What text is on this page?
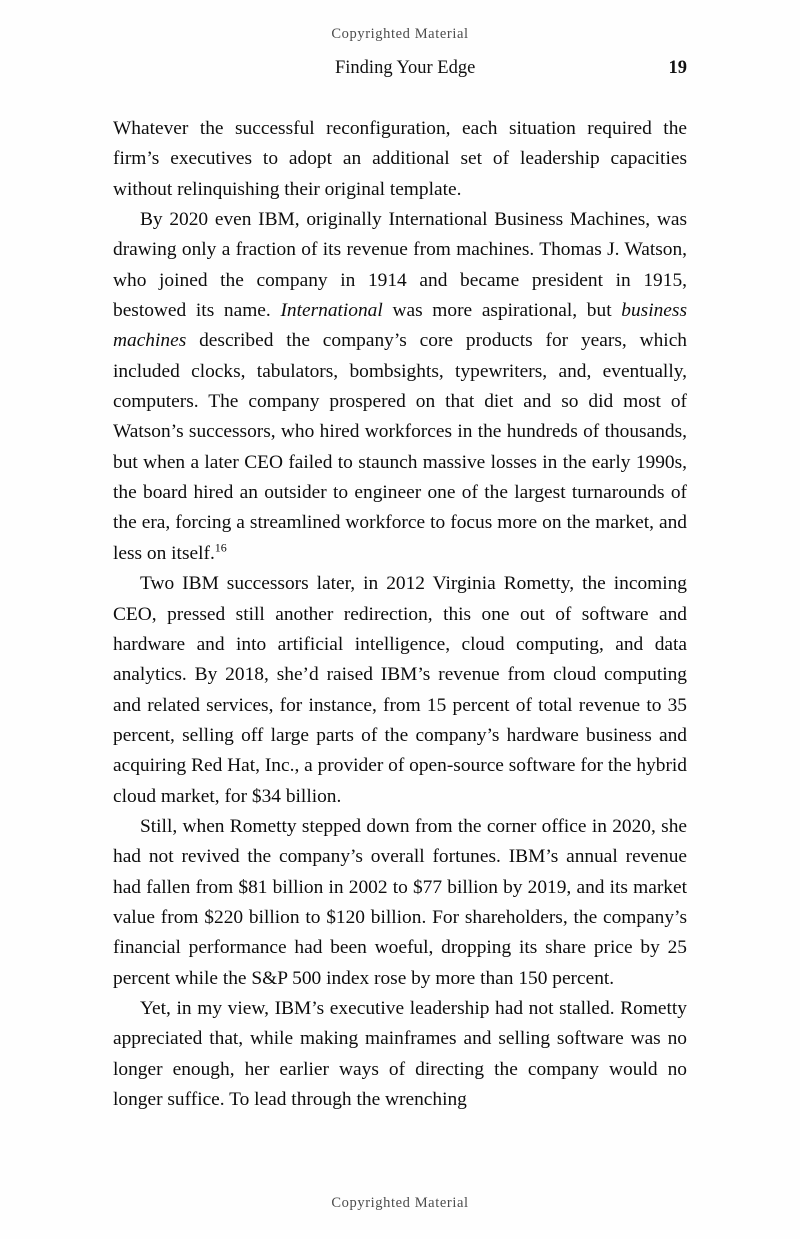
Copyrighted Material
Finding Your Edge	19

Whatever the successful reconfiguration, each situation required the firm’s executives to adopt an additional set of leadership capacities without relinquishing their original template.

By 2020 even IBM, originally International Business Machines, was drawing only a fraction of its revenue from machines. Thomas J. Watson, who joined the company in 1914 and became president in 1915, bestowed its name. International was more aspirational, but business machines described the company’s core products for years, which included clocks, tabulators, bombsights, typewriters, and, eventually, computers. The company prospered on that diet and so did most of Watson’s successors, who hired workforces in the hundreds of thousands, but when a later CEO failed to staunch massive losses in the early 1990s, the board hired an outsider to engineer one of the largest turnarounds of the era, forcing a streamlined workforce to focus more on the market, and less on itself.$^{16}$

Two IBM successors later, in 2012 Virginia Rometty, the incoming CEO, pressed still another redirection, this one out of software and hardware and into artificial intelligence, cloud computing, and data analytics. By 2018, she’d raised IBM’s revenue from cloud computing and related services, for instance, from 15 percent of total revenue to 35 percent, selling off large parts of the company’s hardware business and acquiring Red Hat, Inc., a provider of open-source software for the hybrid cloud market, for $34 billion.

Still, when Rometty stepped down from the corner office in 2020, she had not revived the company’s overall fortunes. IBM’s annual revenue had fallen from $81 billion in 2002 to $77 billion by 2019, and its market value from $220 billion to $120 billion. For shareholders, the company’s financial performance had been woeful, dropping its share price by 25 percent while the S&P 500 index rose by more than 150 percent.

Yet, in my view, IBM’s executive leadership had not stalled. Rometty appreciated that, while making mainframes and selling software was no longer enough, her earlier ways of directing the company would no longer suffice. To lead through the wrenching

Copyrighted Material
